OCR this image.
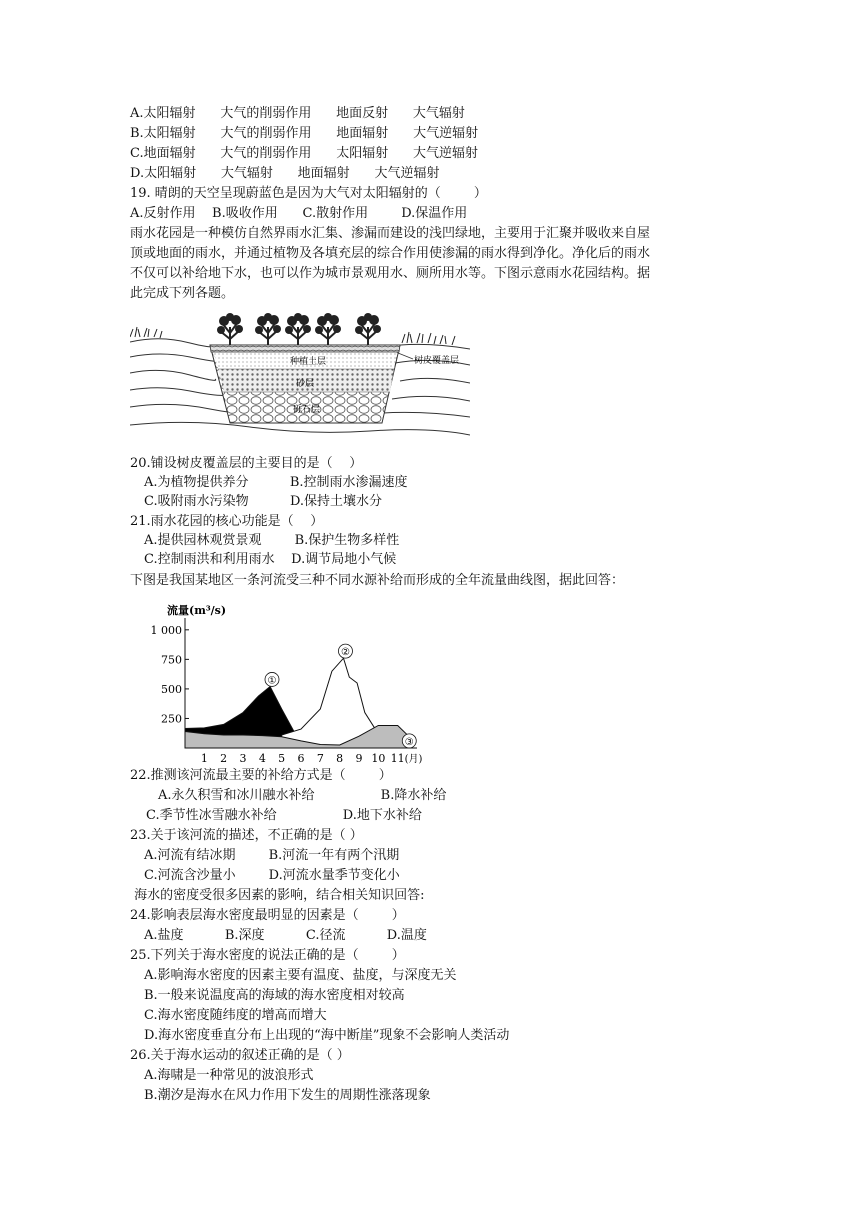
A.太阳辐射      大气的削弱作用      地面反射      大气辐射
B.太阳辐射      大气的削弱作用      地面辐射      大气逆辐射
C.地面辐射      大气的削弱作用      太阳辐射      大气逆辐射
D.太阳辐射      大气辐射      地面辐射      大气逆辐射
19. 晴朗的天空呈现蔚蓝色是因为大气对太阳辐射的（        ）
A.反射作用    B.吸收作用      C.散射作用        D.保温作用
雨水花园是一种模仿自然界雨水汇集、渗漏而建设的浅凹绿地，主要用于汇聚并吸收来自屋
顶或地面的雨水，并通过植物及各填充层的综合作用使渗漏的雨水得到净化。净化后的雨水
不仅可以补给地下水，也可以作为城市景观用水、厕所用水等。下图示意雨水花园结构。据
此完成下列各题。
树皮覆盖层
种植土层
砂层
砾石层
20.铺设树皮覆盖层的主要目的是（    ）
A.为植物提供养分          B.控制雨水渗漏速度
C.吸附雨水污染物          D.保持土壤水分
21.雨水花园的核心功能是（    ）
A.提供园林观赏景观        B.保护生物多样性
C.控制雨洪和利用雨水    D.调节局地小气候
下图是我国某地区一条河流受三种不同水源补给而形成的全年流量曲线图，据此回答：
流量(m³/s)
①
②
③
250
500
750
1 000
1 2 3 4 5 6 7 8 9 10 11 (月)
22.推测该河流最主要的补给方式是（        ）
A.永久积雪和冰川融水补给                B.降水补给
C.季节性冰雪融水补给                D.地下水补给
23.关于该河流的描述，不正确的是（ ）
A.河流有结冰期        B.河流一年有两个汛期
C.河流含沙量小        D.河流水量季节变化小
海水的密度受很多因素的影响，结合相关知识回答:
24.影响表层海水密度最明显的因素是（        ）
A.盐度          B.深度          C.径流          D.温度
25.下列关于海水密度的说法正确的是（        ）
A.影响海水密度的因素主要有温度、盐度，与深度无关
B.一般来说温度高的海域的海水密度相对较高
C.海水密度随纬度的增高而增大
D.海水密度垂直分布上出现的“海中断崖”现象不会影响人类活动
26.关于海水运动的叙述正确的是（ ）
A.海啸是一种常见的波浪形式
B.潮汐是海水在风力作用下发生的周期性涨落现象
